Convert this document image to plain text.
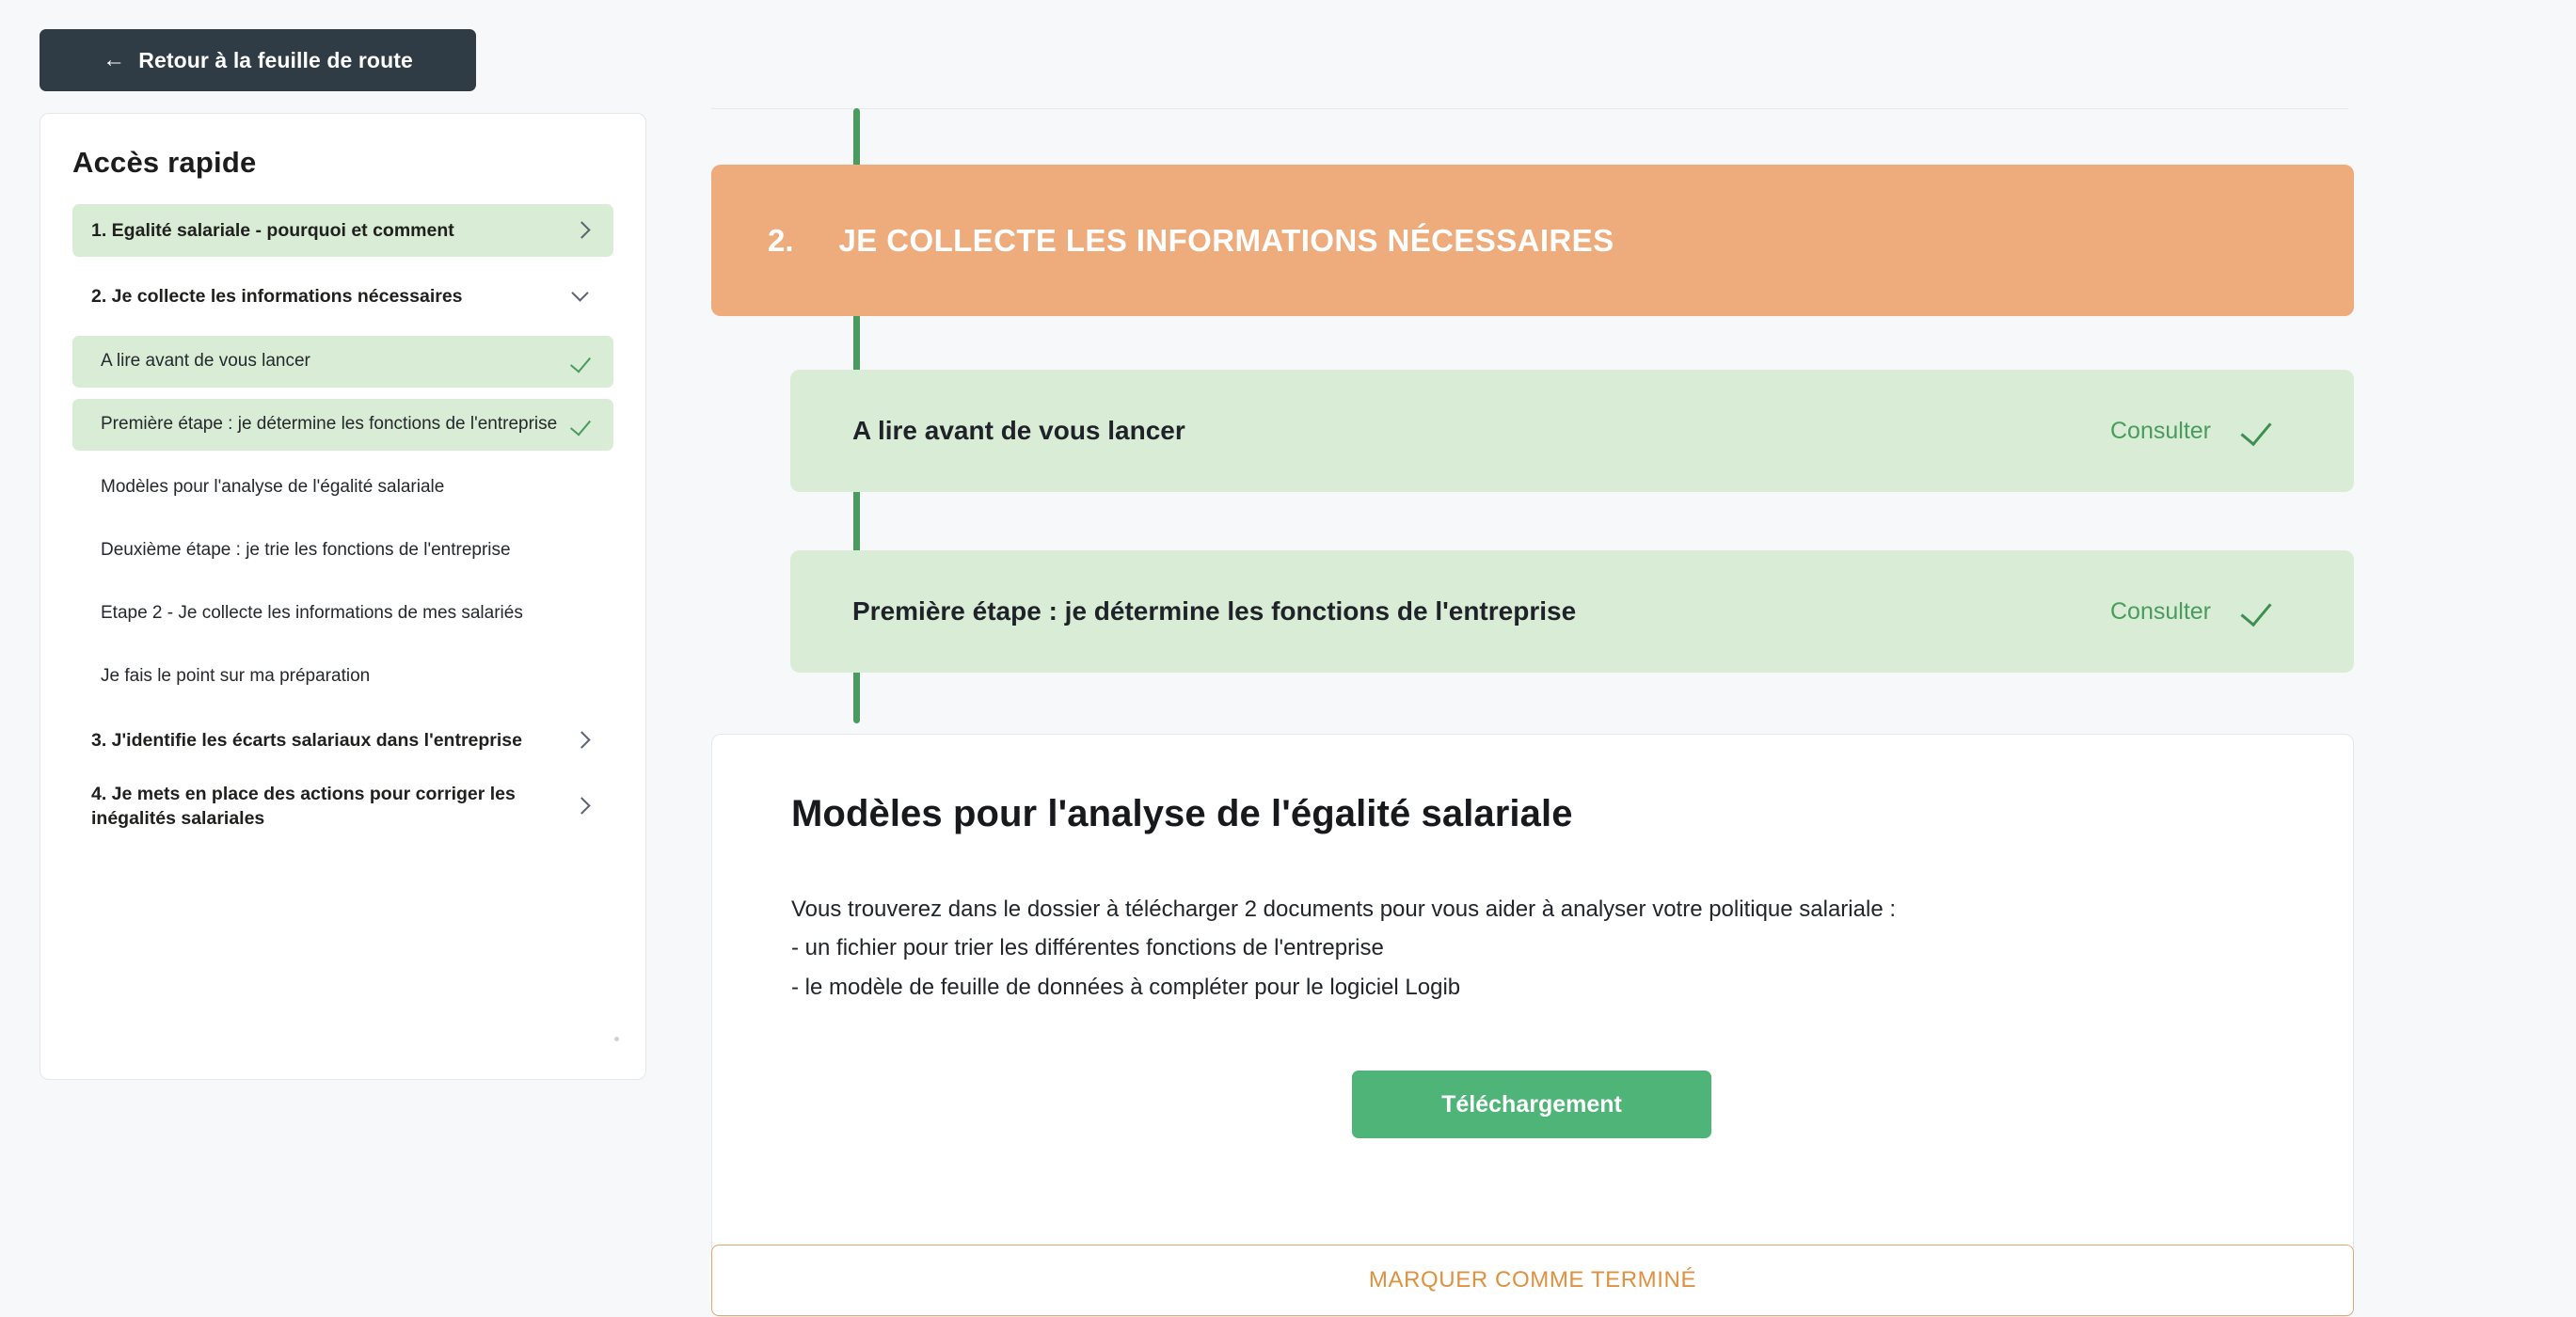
← Retour à la feuille de route
Accès rapide
1. Egalité salariale - pourquoi et comment
2. Je collecte les informations nécessaires
A lire avant de vous lancer
Première étape : je détermine les fonctions de l'entreprise
Modèles pour l'analyse de l'égalité salariale
Deuxième étape : je trie les fonctions de l'entreprise
Etape 2 - Je collecte les informations de mes salariés
Je fais le point sur ma préparation
3. J'identifie les écarts salariaux dans l'entreprise
4. Je mets en place des actions pour corriger les inégalités salariales
2. JE COLLECTE LES INFORMATIONS NÉCESSAIRES
A lire avant de vous lancer	Consulter
Première étape : je détermine les fonctions de l'entreprise	Consulter
Modèles pour l'analyse de l'égalité salariale
Vous trouverez dans le dossier à télécharger 2 documents pour vous aider à analyser votre politique salariale :
- un fichier pour trier les différentes fonctions de l'entreprise
- le modèle de feuille de données à compléter pour le logiciel Logib
Téléchargement
MARQUER COMME TERMINÉ
